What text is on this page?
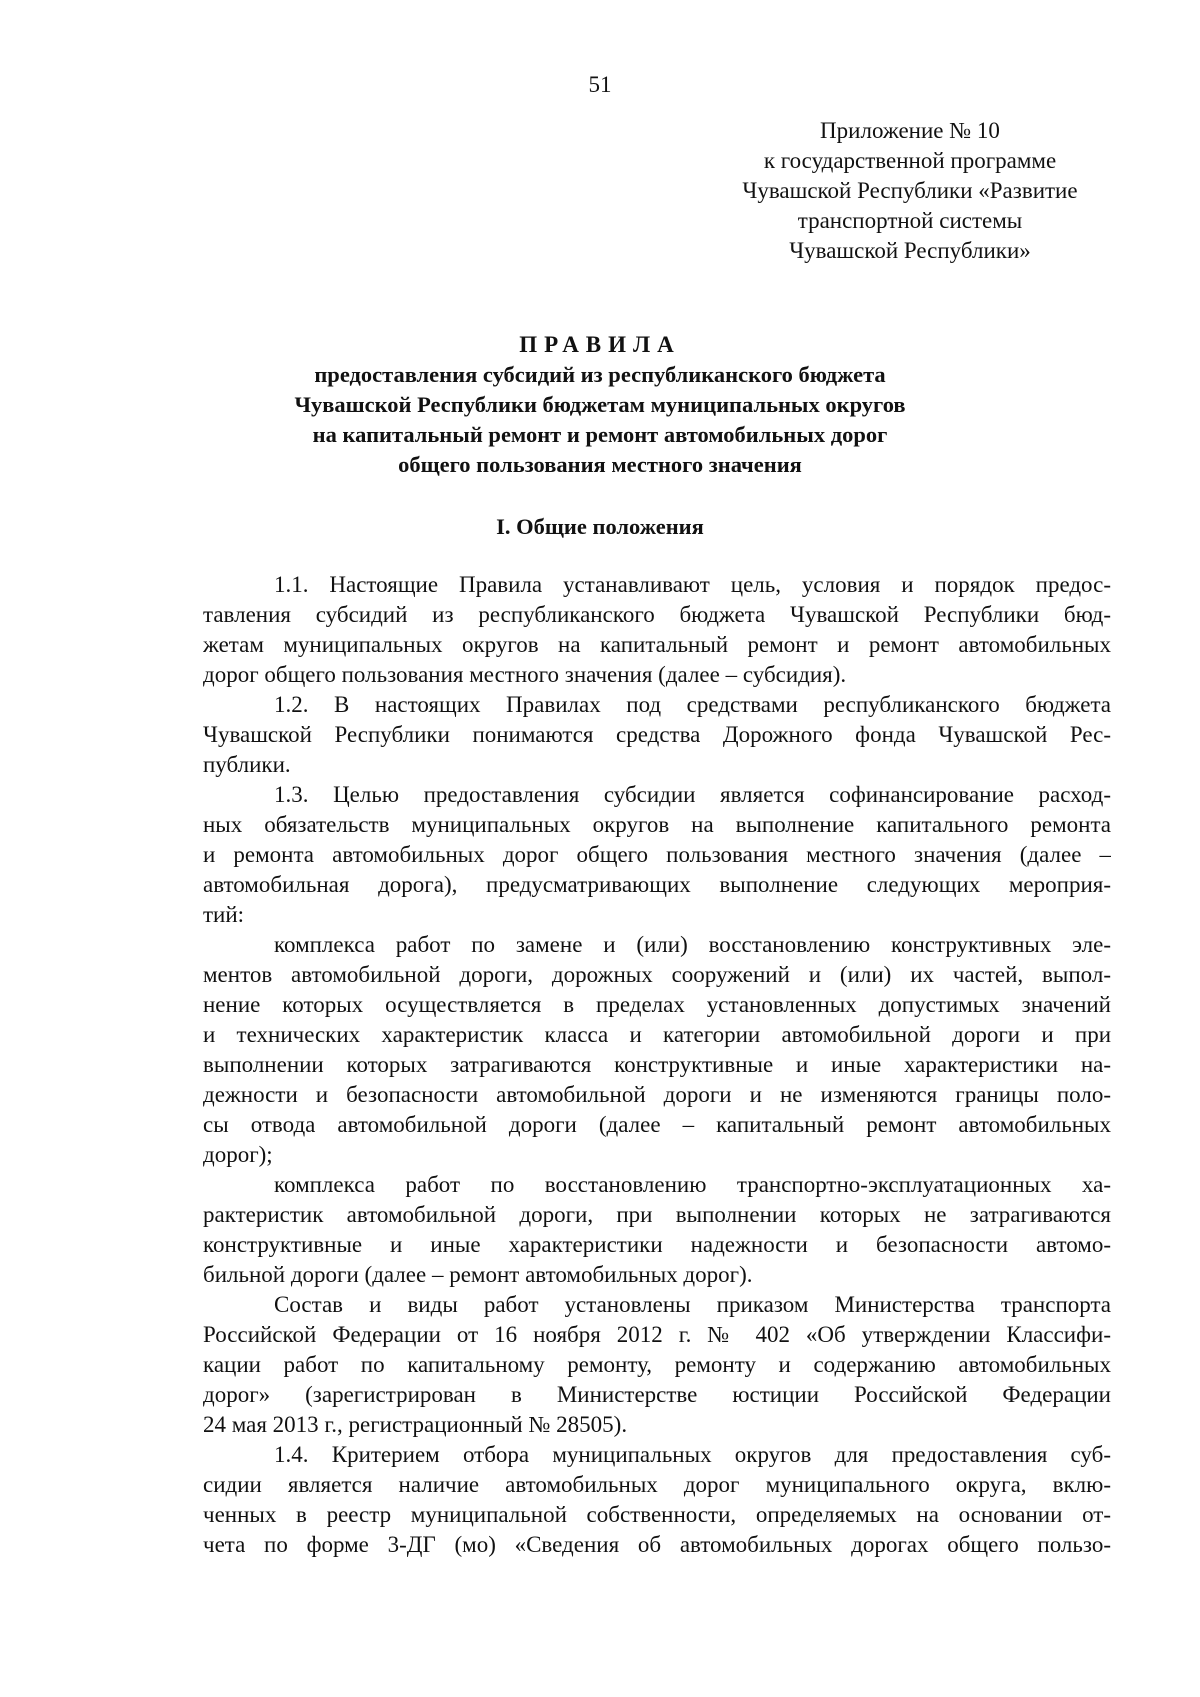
51
Приложение № 10
к государственной программе
Чувашской Республики «Развитие
транспортной системы
Чувашской Республики»
ПРАВИЛА
предоставления субсидий из республиканского бюджета
Чувашской Республики бюджетам муниципальных округов
на капитальный ремонт и ремонт автомобильных дорог
общего пользования местного значения
I. Общие положения
1.1. Настоящие Правила устанавливают цель, условия и порядок предос-
тавления субсидий из республиканского бюджета Чувашской Республики бюд-
жетам муниципальных округов на капитальный ремонт и ремонт автомобильных
дорог общего пользования местного значения (далее – субсидия).
1.2. В настоящих Правилах под средствами республиканского бюджета
Чувашской Республики понимаются средства Дорожного фонда Чувашской Рес-
публики.
1.3. Целью предоставления субсидии является софинансирование расход-
ных обязательств муниципальных округов на выполнение капитального ремонта
и ремонта автомобильных дорог общего пользования местного значения (далее –
автомобильная дорога), предусматривающих выполнение следующих мероприя-
тий:
комплекса работ по замене и (или) восстановлению конструктивных эле-
ментов автомобильной дороги, дорожных сооружений и (или) их частей, выпол-
нение которых осуществляется в пределах установленных допустимых значений
и технических характеристик класса и категории автомобильной дороги и при
выполнении которых затрагиваются конструктивные и иные характеристики на-
дежности и безопасности автомобильной дороги и не изменяются границы поло-
сы отвода автомобильной дороги (далее – капитальный ремонт автомобильных
дорог);
комплекса работ по восстановлению транспортно-эксплуатационных ха-
рактеристик автомобильной дороги, при выполнении которых не затрагиваются
конструктивные и иные характеристики надежности и безопасности автомо-
бильной дороги (далее – ремонт автомобильных дорог).
Состав и виды работ установлены приказом Министерства транспорта
Российской Федерации от 16 ноября 2012 г. № 402 «Об утверждении Классифи-
кации работ по капитальному ремонту, ремонту и содержанию автомобильных
дорог» (зарегистрирован в Министерстве юстиции Российской Федерации
24 мая 2013 г., регистрационный № 28505).
1.4. Критерием отбора муниципальных округов для предоставления суб-
сидии является наличие автомобильных дорог муниципального округа, вклю-
ченных в реестр муниципальной собственности, определяемых на основании от-
чета по форме 3-ДГ (мо) «Сведения об автомобильных дорогах общего пользо-
